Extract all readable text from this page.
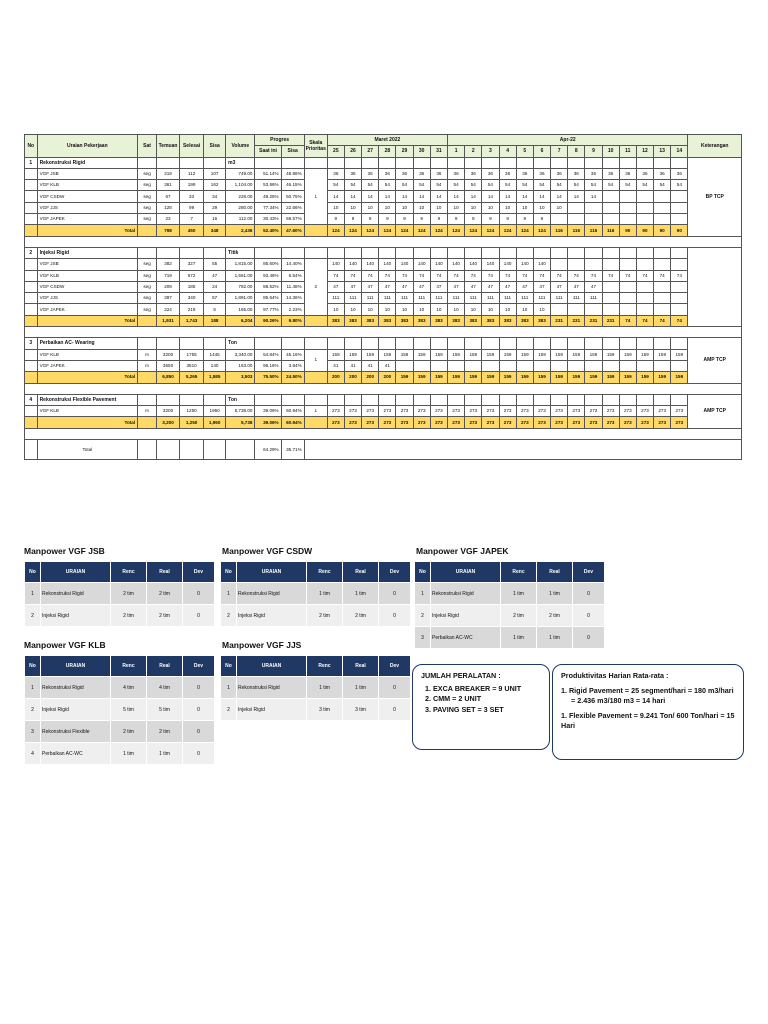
No	Uraian Pekerjaan	Sat	Temuan	Selesai	Sisa	Volume	Progres		Skala Prioritas	Maret 2022							Apr-22														Keterangan
							Saat ini	Sisa		25	26	27	28	29	30	31	1	2	3	4	5	6	7	8	9	10	11	12	13	14	
1	Rekonstruksi Rigid					m3																									BP TCP
	VGF JSB	seg	219	112	107	749.00	51.14%	48.86%	1	36	36	36	36	36	36	36	36	36	36	36	36	36	36	36	36	36	36	36	36	36	
	VGF KLB	seg	361	199	162	1,104.00	53.86%	46.15%		54	54	54	54	54	54	54	54	54	54	54	54	54	54	54	54	54	54	54	54	54	
	VGF CSDW	seg	67	33	34	228.00	49.25%	50.75%		14	14	14	14	14	14	14	14	14	14	14	14	14	14	14	14						
	VGF JJS	seg	128	99	29	280.00	77.34%	22.66%		10	10	10	10	10	10	10	10	10	10	10	10	10	10								
	VGF JAPEK	seg	23	7	16	112.00	30.43%	69.57%		9	9	9	9	9	9	9	9	9	9	9	9	9									
	Total		798	450	348	2,436	52.40%	47.60%		124	124	124	124	124	124	124	124	124	124	124	124	124	116	116	116	116	90	90	90	90	

2	Injeksi Rigid					Titik																									
	VGF JSB	seg	382	327	55	1,815.00	85.60%	14.40%	2	140	140	140	140	140	140	140	140	140	140	140	140	140									
	VGF KLB	seg	719	672	47	1,551.00	93.46%	6.54%		74	74	74	74	74	74	74	74	74	74	74	74	74	74	74	74	74	74	74	74	74	
	VGF CSDW	seg	209	185	24	782.00	88.52%	11.48%		47	47	47	47	47	47	47	47	47	47	47	47	47	47	47	47						
	VGF JJS	seg	397	340	57	1,891.00	85.64%	14.36%		111	111	111	111	111	111	111	111	111	111	111	111	111	111	111	111						
	VGF JAPEK	seg	224	219	5	165.00	97.77%	2.23%		10	10	10	10	10	10	10	10	10	10	10	10	10									
	Total		1,931	1,743	188	6,204	90.26%	9.80%		383	383	383	383	383	383	383	383	383	383	383	383	383	231	231	231	231	74	74	74	74	

3	Perbaikan AC- Wearing					Ton																									AMP TCP
	VGF KLB	m	3200	1755	1445	3,340.00	54.84%	45.16%	1	159	159	159	159	159	159	159	159	159	159	159	159	159	159	159	159	159	159	159	159	159	
	VGF JAPEK	m	3650	3510	140	163.00	96.16%	3.84%		41	41	41	41																		
	Total		6,850	5,265	1,585	3,503	75.50%	24.50%		200	200	200	200	159	159	159	159	159	159	159	159	159	159	159	159	159	159	159	159	159	

4	Rekonstruksi Flexible Pavement					Ton																									AMP TCP
	VGF KLB	m	3200	1250	1950	5,738.00	39.06%	60.94%	1	273	273	273	273	273	273	273	273	273	273	273	273	273	273	273	273	273	273	273	273	273	
	Total		3,200	1,250	1,950	5,738	39.06%	60.94%		273	273	273	273	273	273	273	273	273	273	273	273	273	273	273	273	273	273	273	273	273	

	Total						64.29%	35.71%																							
Manpower VGF JSB
No	URAIAN	Renc	Real	Dev
1	Rekonstruksi Rigid	2 tim	2 tim	0
2	Injeksi Rigid	2 tim	2 tim	0
Manpower VGF CSDW
No	URAIAN	Renc	Real	Dev
1	Rekonstruksi Rigid	1 tim	1 tim	0
2	Injeksi Rigid	2 tim	2 tim	0
Manpower VGF JAPEK
No	URAIAN	Renc	Real	Dev
1	Rekonstruksi Rigid	1 tim	1 tim	0
2	Injeksi Rigid	2 tim	2 tim	0
3	Perbaikan AC-WC	1 tim	1 tim	0
Manpower VGF KLB
No	URAIAN	Renc	Real	Dev
1	Rekonstruksi Rigid	4 tim	4 tim	0
2	Injeksi Rigid	5 tim	5 tim	0
3	Rekonstruksi Flexible	2 tim	2 tim	0
4	Perbaikan AC-WC	1 tim	1 tim	0
Manpower VGF JJS
No	URAIAN	Renc	Real	Dev
1	Rekonstruksi Rigid	1 tim	1 tim	0
2	Injeksi Rigid	3 tim	3 tim	0
JUMLAH PERALATAN :
1. EXCA BREAKER = 9 UNIT
2. CMM = 2 UNIT
3. PAVING SET = 3 SET
Produktivitas Harian Rata-rata :
1. Rigid Pavement = 25 segment/hari = 180 m3/hari
= 2.436 m3/180 m3 = 14 hari
1. Flexible Pavement = 9.241 Ton/ 600 Ton/hari = 15 Hari
